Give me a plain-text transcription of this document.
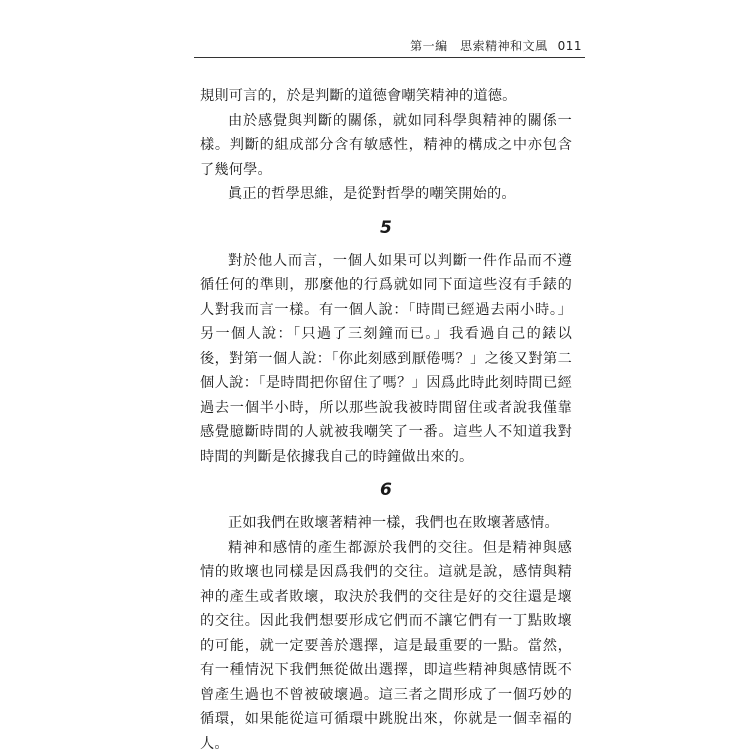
第一編　思索精神和文風 011

規則可言的，於是判斷的道德會嘲笑精神的道德。

由於感覺與判斷的關係，就如同科學與精神的關係一樣。判斷的組成部分含有敏感性，精神的構成之中亦包含了幾何學。

眞正的哲學思維，是從對哲學的嘲笑開始的。

5

對於他人而言，一個人如果可以判斷一件作品而不遵循任何的準則，那麼他的行爲就如同下面這些沒有手錶的人對我而言一樣。有一個人說：「時間已經過去兩小時。」另一個人說：「只過了三刻鐘而已。」我看過自己的錶以後，對第一個人說：「你此刻感到厭倦嗎？」之後又對第二個人說：「是時間把你留住了嗎？」因爲此時此刻時間已經過去一個半小時，所以那些說我被時間留住或者說我僅靠感覺臆斷時間的人就被我嘲笑了一番。這些人不知道我對時間的判斷是依據我自己的時鐘做出來的。

6

正如我們在敗壞著精神一樣，我們也在敗壞著感情。

精神和感情的產生都源於我們的交往。但是精神與感情的敗壞也同樣是因爲我們的交往。這就是說，感情與精神的產生或者敗壞，取決於我們的交往是好的交往還是壞的交往。因此我們想要形成它們而不讓它們有一丁點敗壞的可能，就一定要善於選擇，這是最重要的一點。當然，有一種情況下我們無從做出選擇，即這些精神與感情既不曾產生過也不曾被破壞過。這三者之間形成了一個巧妙的循環，如果能從這可循環中跳脫出來，你就是一個幸福的人。
